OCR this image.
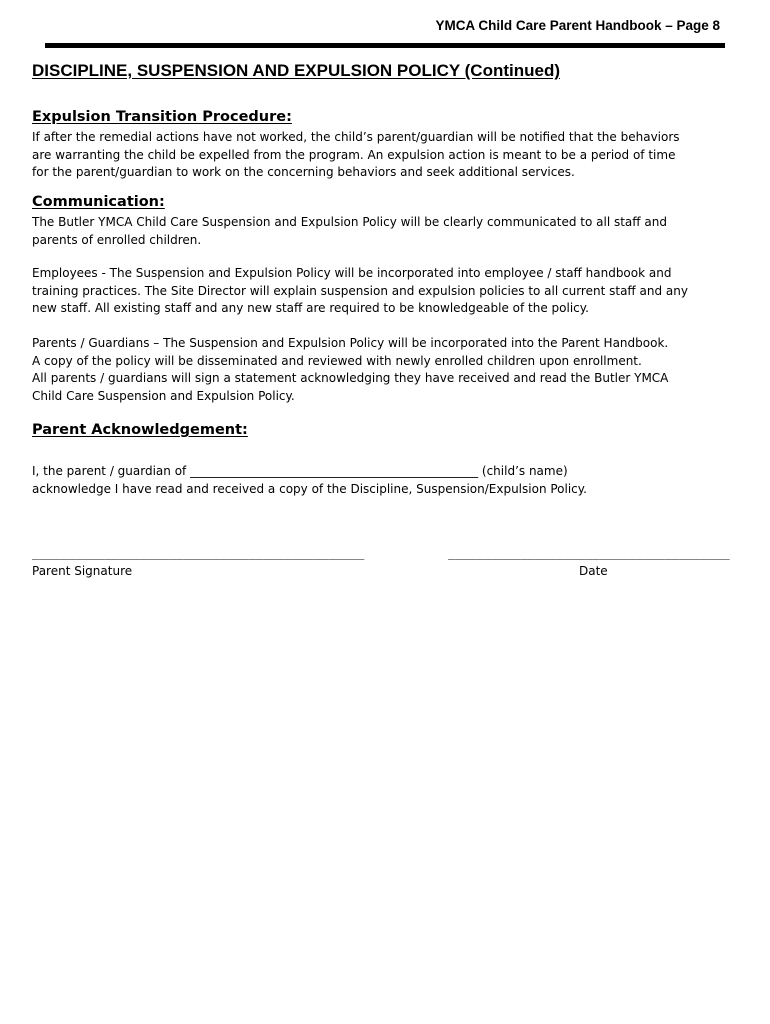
YMCA Child Care Parent Handbook – Page 8
DISCIPLINE, SUSPENSION AND EXPULSION POLICY (Continued)
Expulsion Transition Procedure:

If after the remedial actions have not worked, the child’s parent/guardian will be notified that the behaviors
are warranting the child be expelled from the program. An expulsion action is meant to be a period of time
for the parent/guardian to work on the concerning behaviors and seek additional services.

Communication:

The Butler YMCA Child Care Suspension and Expulsion Policy will be clearly communicated to all staff and
parents of enrolled children.

Employees - The Suspension and Expulsion Policy will be incorporated into employee / staff handbook and
training practices. The Site Director will explain suspension and expulsion policies to all current staff and any
new staff. All existing staff and any new staff are required to be knowledgeable of the policy.

Parents / Guardians – The Suspension and Expulsion Policy will be incorporated into the Parent Handbook.
A copy of the policy will be disseminated and reviewed with newly enrolled children upon enrollment.
All parents / guardians will sign a statement acknowledging they have received and read the Butler YMCA
Child Care Suspension and Expulsion Policy.

Parent Acknowledgement:

I, the parent / guardian of ________________________________________________ (child’s name)
acknowledge I have read and received a copy of the Discipline, Suspension/Expulsion Policy.

______________________________________________	_______________________________________
Parent Signature	Date
